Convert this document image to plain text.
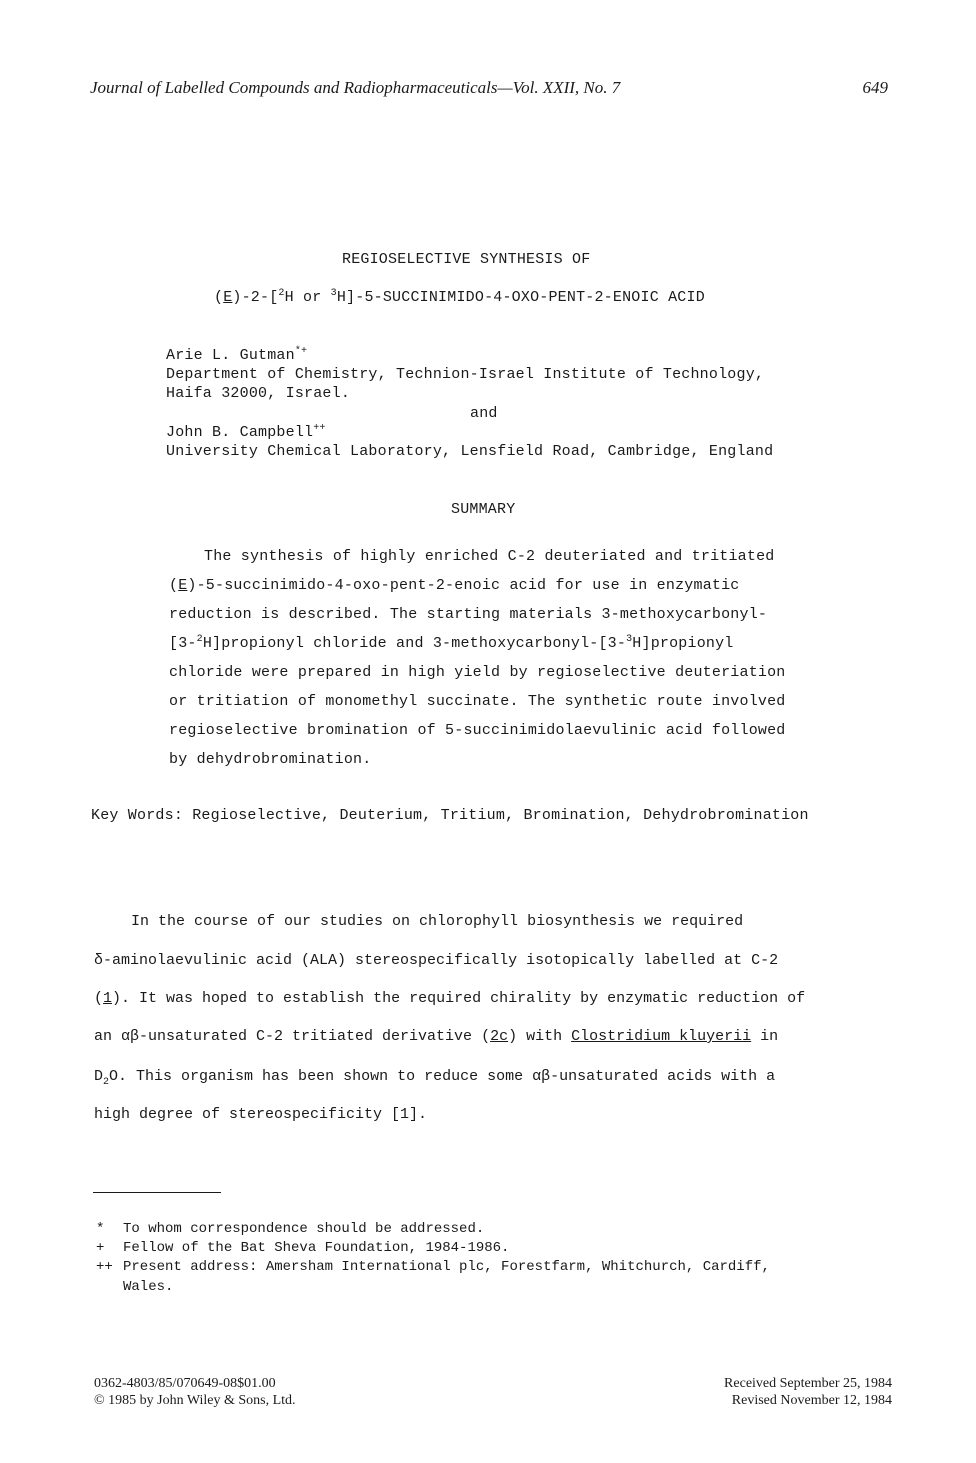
Journal of Labelled Compounds and Radiopharmaceuticals—Vol. XXII, No. 7	649
REGIOSELECTIVE SYNTHESIS OF
(E)-2-[$^2$H or $^3$H]-5-SUCCINIMIDO-4-OXO-PENT-2-ENOIC ACID
Arie L. Gutman*+
Department of Chemistry, Technion-Israel Institute of Technology,
Haifa 32000, Israel.
and
John B. Campbell++
University Chemical Laboratory, Lensfield Road, Cambridge, England
SUMMARY
The synthesis of highly enriched C-2 deuteriated and tritiated
(E)-5-succinimido-4-oxo-pent-2-enoic acid for use in enzymatic
reduction is described. The starting materials 3-methoxycarbonyl-
[3-$^2$H]propionyl chloride and 3-methoxycarbonyl-[3-$^3$H]propionyl
chloride were prepared in high yield by regioselective deuteriation
or tritiation of monomethyl succinate. The synthetic route involved
regioselective bromination of 5-succinimidolaevulinic acid followed
by dehydrobromination.
Key Words: Regioselective, Deuterium, Tritium, Bromination, Dehydrobromination
In the course of our studies on chlorophyll biosynthesis we required
δ-aminolaevulinic acid (ALA) stereospecifically isotopically labelled at C-2
(1). It was hoped to establish the required chirality by enzymatic reduction of
an αβ-unsaturated C-2 tritiated derivative (2c) with Clostridium kluyerii in
$D_2O$. This organism has been shown to reduce some αβ-unsaturated acids with a
high degree of stereospecificity [1].
* To whom correspondence should be addressed.
+ Fellow of the Bat Sheva Foundation, 1984-1986.
++ Present address: Amersham International plc, Forestfarm, Whitchurch, Cardiff,
Wales.
0362-4803/85/070649-08$01.00
© 1985 by John Wiley & Sons, Ltd.
Received September 25, 1984
Revised November 12, 1984
